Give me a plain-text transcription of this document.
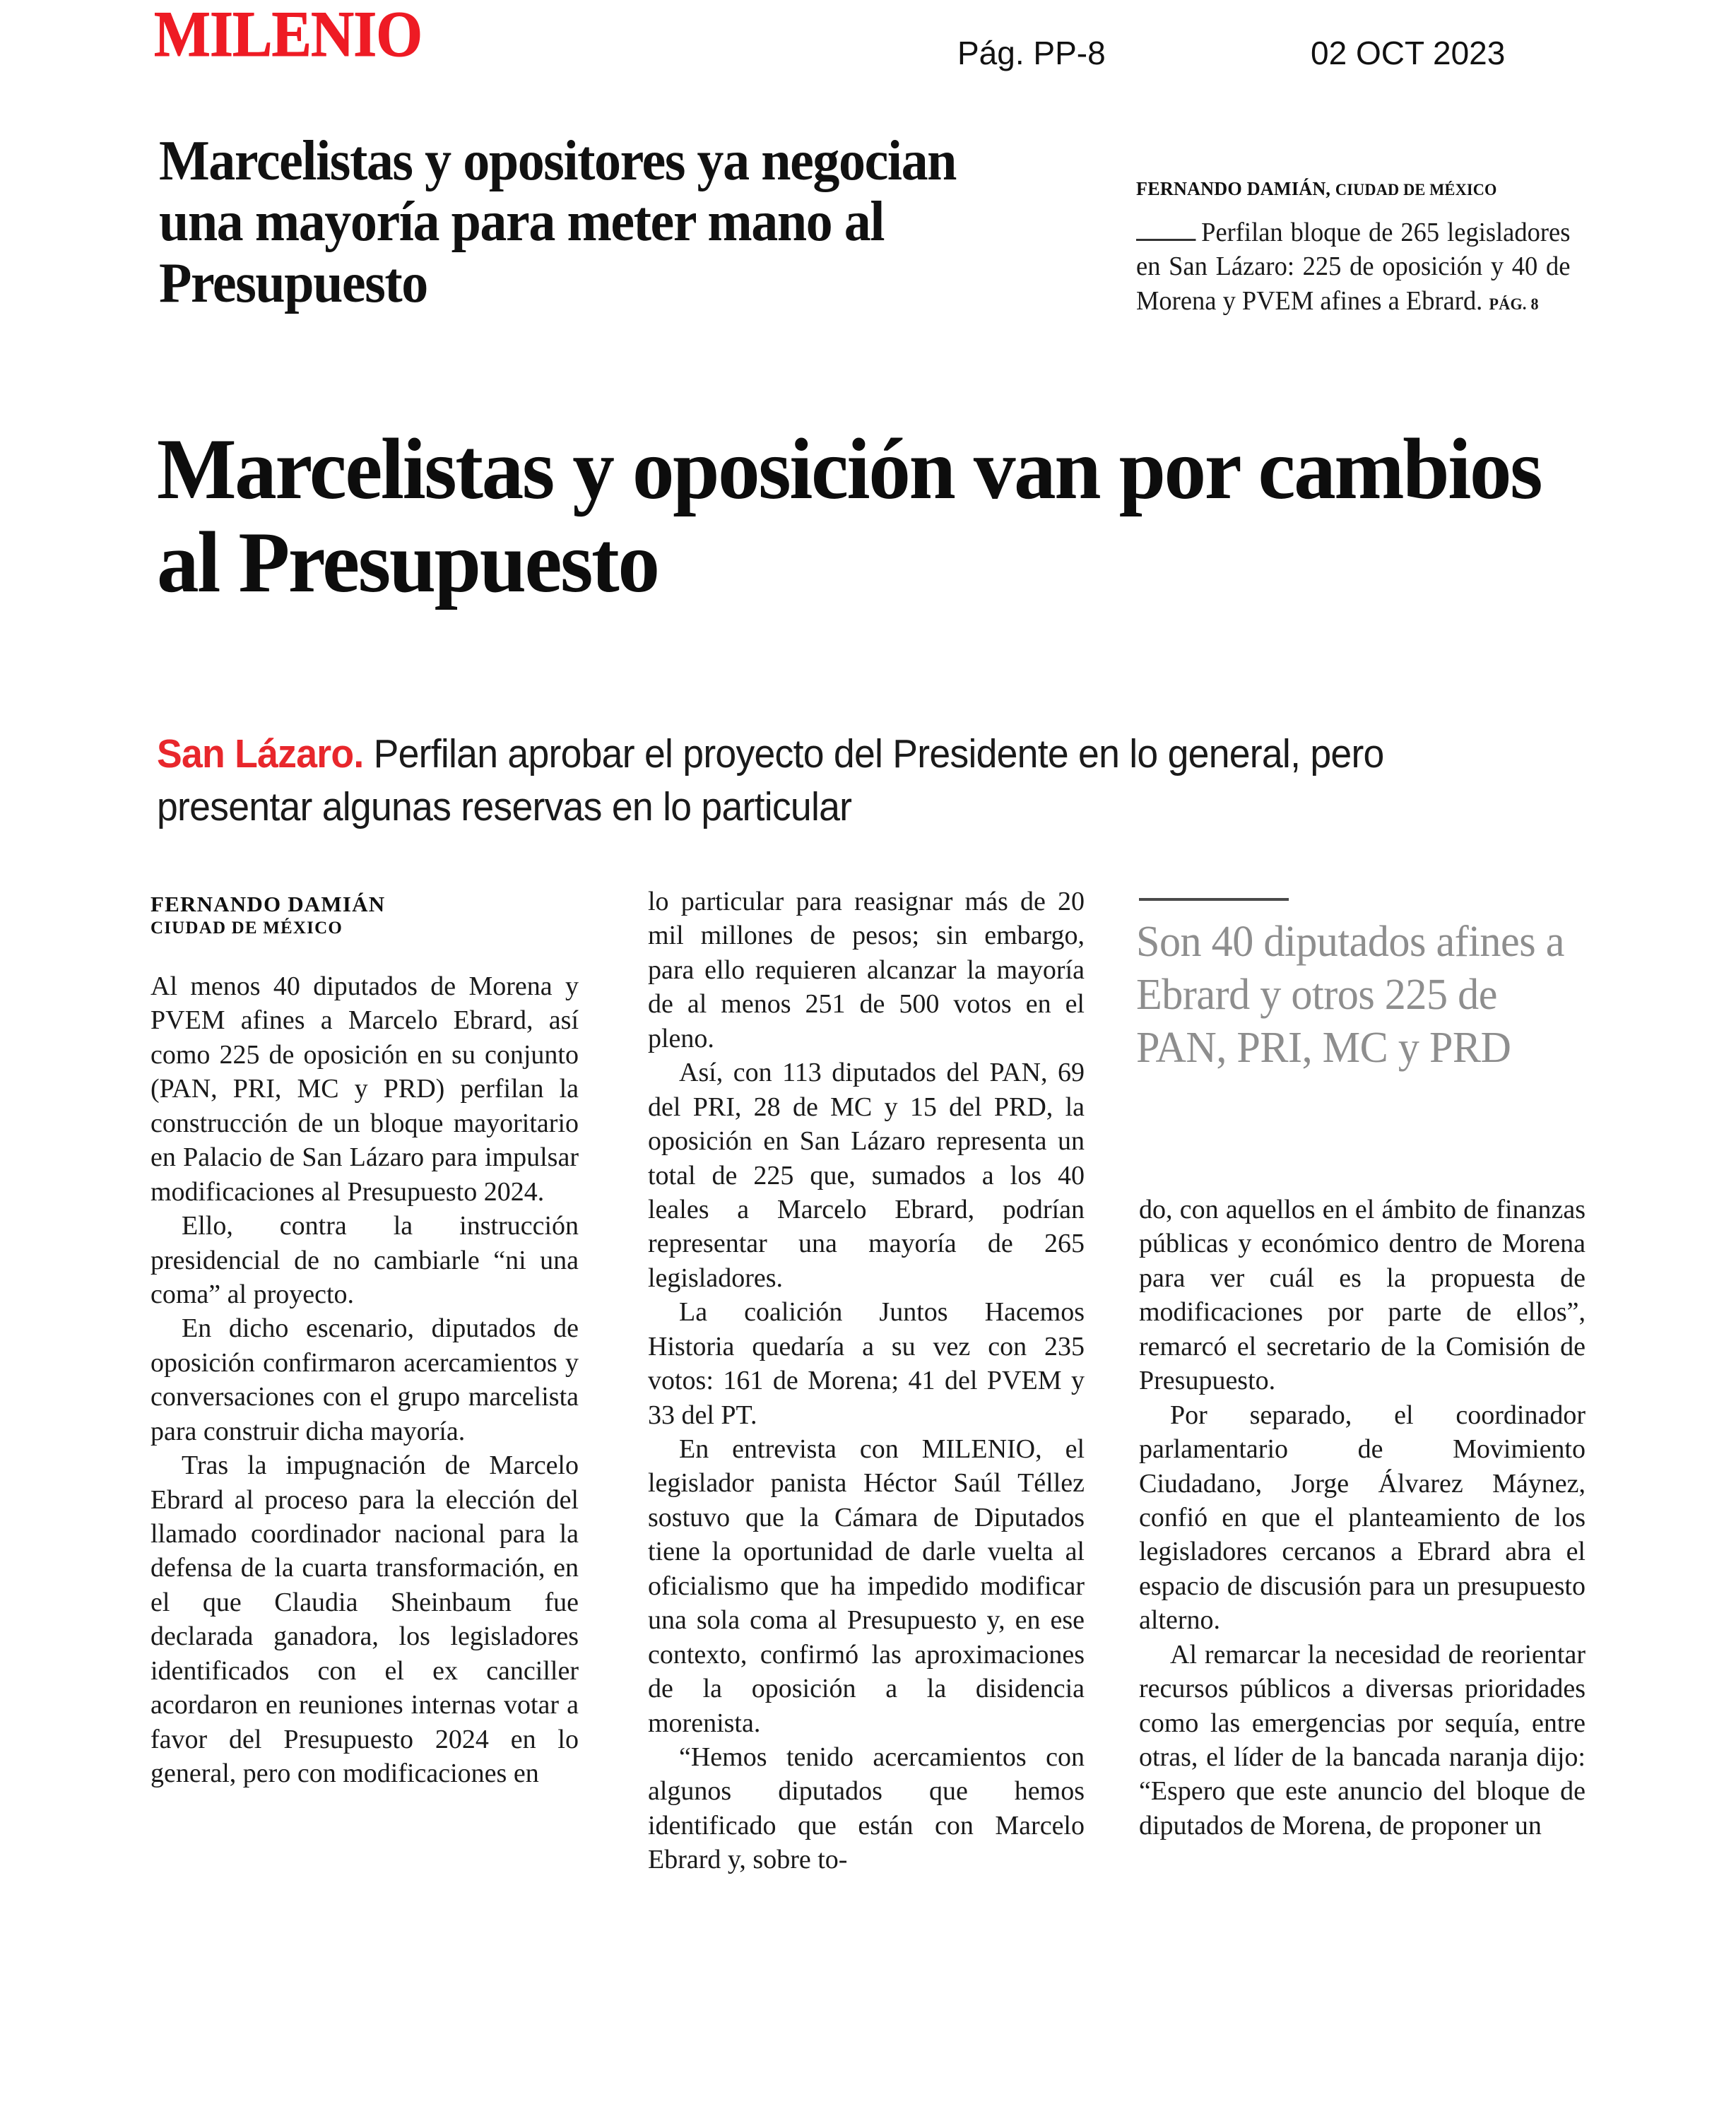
MILENIO	Pág. PP-8	02 OCT 2023
Marcelistas y opositores ya negocian una mayoría para meter mano al Presupuesto
FERNANDO DAMIÁN, CIUDAD DE MÉXICO
Perfilan bloque de 265 legisladores en San Lázaro: 225 de oposición y 40 de Morena y PVEM afines a Ebrard. PÁG. 8
Marcelistas y oposición van por cambios al Presupuesto
San Lázaro. Perfilan aprobar el proyecto del Presidente en lo general, pero presentar algunas reservas en lo particular
FERNANDO DAMIÁN
CIUDAD DE MÉXICO

Al menos 40 diputados de Morena y PVEM afines a Marcelo Ebrard, así como 225 de oposición en su conjunto (PAN, PRI, MC y PRD) perfilan la construcción de un bloque mayoritario en Palacio de San Lázaro para impulsar modificaciones al Presupuesto 2024.

Ello, contra la instrucción presidencial de no cambiarle “ni una coma” al proyecto.

En dicho escenario, diputados de oposición confirmaron acercamientos y conversaciones con el grupo marcelista para construir dicha mayoría.

Tras la impugnación de Marcelo Ebrard al proceso para la elección del llamado coordinador nacional para la defensa de la cuarta transformación, en el que Claudia Sheinbaum fue declarada ganadora, los legisladores identificados con el ex canciller acordaron en reuniones internas votar a favor del Presupuesto 2024 en lo general, pero con modificaciones en

lo particular para reasignar más de 20 mil millones de pesos; sin embargo, para ello requieren alcanzar la mayoría de al menos 251 de 500 votos en el pleno.

Así, con 113 diputados del PAN, 69 del PRI, 28 de MC y 15 del PRD, la oposición en San Lázaro representa un total de 225 que, sumados a los 40 leales a Marcelo Ebrard, podrían representar una mayoría de 265 legisladores.

La coalición Juntos Hacemos Historia quedaría a su vez con 235 votos: 161 de Morena; 41 del PVEM y 33 del PT.

En entrevista con MILENIO, el legislador panista Héctor Saúl Téllez sostuvo que la Cámara de Diputados tiene la oportunidad de darle vuelta al oficialismo que ha impedido modificar una sola coma al Presupuesto y, en ese contexto, confirmó las aproximaciones de la oposición a la disidencia morenista.

“Hemos tenido acercamientos con algunos diputados que hemos identificado que están con Marcelo Ebrard y, sobre to-

do, con aquellos en el ámbito de finanzas públicas y económico dentro de Morena para ver cuál es la propuesta de modificaciones por parte de ellos”, remarcó el secretario de la Comisión de Presupuesto.

Por separado, el coordinador parlamentario de Movimiento Ciudadano, Jorge Álvarez Máynez, confió en que el planteamiento de los legisladores cercanos a Ebrard abra el espacio de discusión para un presupuesto alterno.

Al remarcar la necesidad de reorientar recursos públicos a diversas prioridades como las emergencias por sequía, entre otras, el líder de la bancada naranja dijo: “Espero que este anuncio del bloque de diputados de Morena, de proponer un

Son 40 diputados afines a Ebrard y otros 225 de PAN, PRI, MC y PRD
